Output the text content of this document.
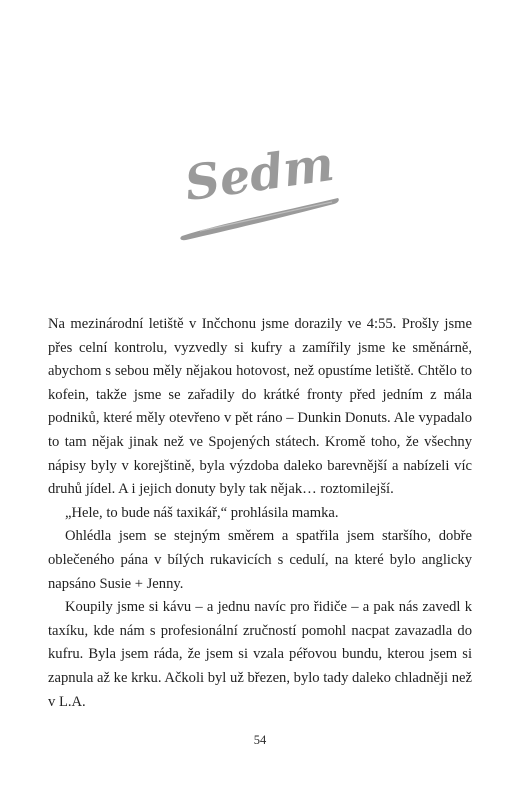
Sedm

Na mezinárodní letiště v Inčchonu jsme dorazily ve 4:55. Prošly jsme přes celní kontrolu, vyzvedly si kufry a zamířily jsme ke směnárně, abychom s sebou měly nějakou hotovost, než opustíme letiště. Chtělo to kofein, takže jsme se zařadily do krátké fronty před jedním z mála podniků, které měly otevřeno v pět ráno – Dunkin Donuts. Ale vypadalo to tam nějak jinak než ve Spojených státech. Kromě toho, že všechny nápisy byly v korejštině, byla výzdoba daleko barevnější a nabízeli víc druhů jídel. A i jejich donuty byly tak nějak… roztomilejší.

„Hele, to bude náš taxikář,“ prohlásila mamka.

Ohlédla jsem se stejným směrem a spatřila jsem staršího, dobře oblečeného pána v bílých rukavicích s cedulí, na které bylo anglicky napsáno Susie + Jenny.

Koupily jsme si kávu – a jednu navíc pro řidiče – a pak nás zavedl k taxíku, kde nám s profesionální zručností pomohl nacpat zavazadla do kufru. Byla jsem ráda, že jsem si vzala péřovou bundu, kterou jsem si zapnula až ke krku. Ačkoli byl už březen, bylo tady daleko chladněji než v L.A.

54
